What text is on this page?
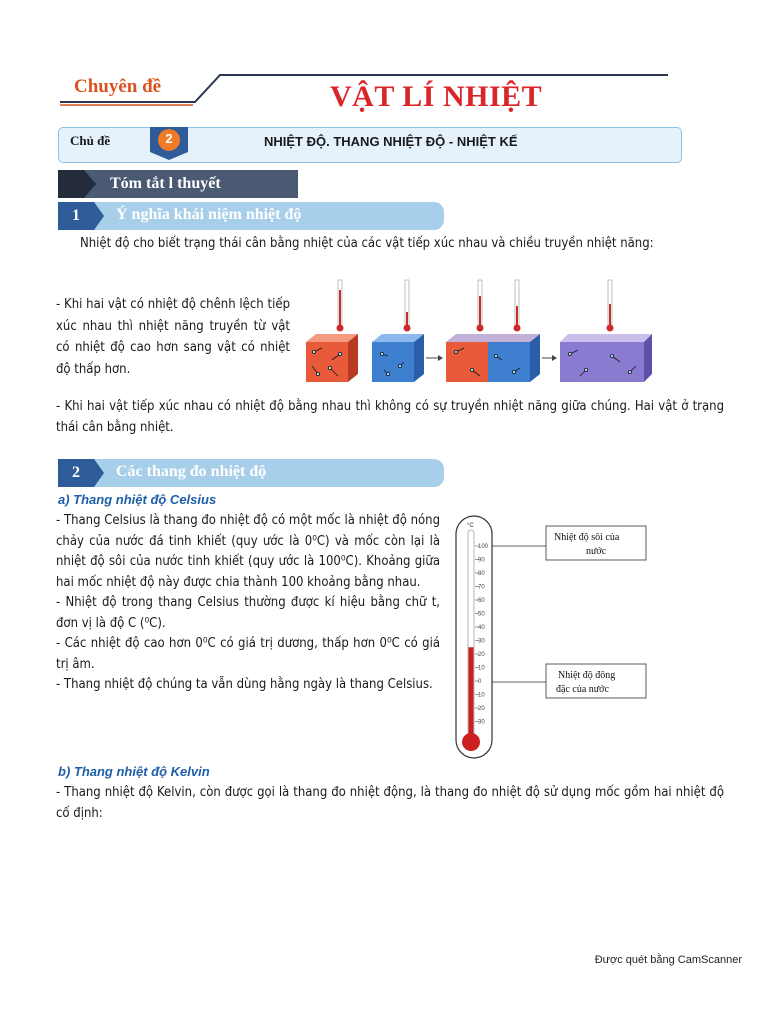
Chuyên đề	VẬT LÍ NHIỆT
Chủ đề	2	NHIỆT ĐỘ. THANG NHIỆT ĐỘ - NHIỆT KẾ
Tóm tắt l thuyết
1 Ý nghĩa khái niệm nhiệt độ
Nhiệt độ cho biết trạng thái cân bằng nhiệt của các vật tiếp xúc nhau và chiều truyền nhiệt năng:
- Khi hai vật có nhiệt độ chênh lệch tiếp xúc nhau thì nhiệt năng truyền từ vật có nhiệt độ cao hơn sang vật có nhiệt độ thấp hơn.
A	B	A	B	A	B
- Khi hai vật tiếp xúc nhau có nhiệt độ bằng nhau thì không có sự truyền nhiệt năng giữa chúng. Hai vật ở trạng thái cân bằng nhiệt.
2 Các thang đo nhiệt độ
a) Thang nhiệt độ Celsius
- Thang Celsius là thang đo nhiệt độ có một mốc là nhiệt độ nóng chảy của nước đá tinh khiết (quy ước là 0⁰C) và mốc còn lại là nhiệt độ sôi của nước tinh khiết (quy ước là 100⁰C). Khoảng giữa hai mốc nhiệt độ này được chia thành 100 khoảng bằng nhau.
- Nhiệt độ trong thang Celsius thường được kí hiệu bằng chữ t, đơn vị là độ C (⁰C).
- Các nhiệt độ cao hơn 0⁰C có giá trị dương, thấp hơn 0⁰C có giá trị âm.
- Thang nhiệt độ chúng ta vẫn dùng hằng ngày là thang Celsius.
°C
100
90
80
70
60
50
40
30
20
10
0
10
20
30
Nhiệt độ sôi của
nước
Nhiệt độ đông
đặc của nước
b) Thang nhiệt độ Kelvin
- Thang nhiệt độ Kelvin, còn được gọi là thang đo nhiệt động, là thang đo nhiệt độ sử dụng mốc gồm hai nhiệt độ cố định:
Được quét bằng CamScanner
